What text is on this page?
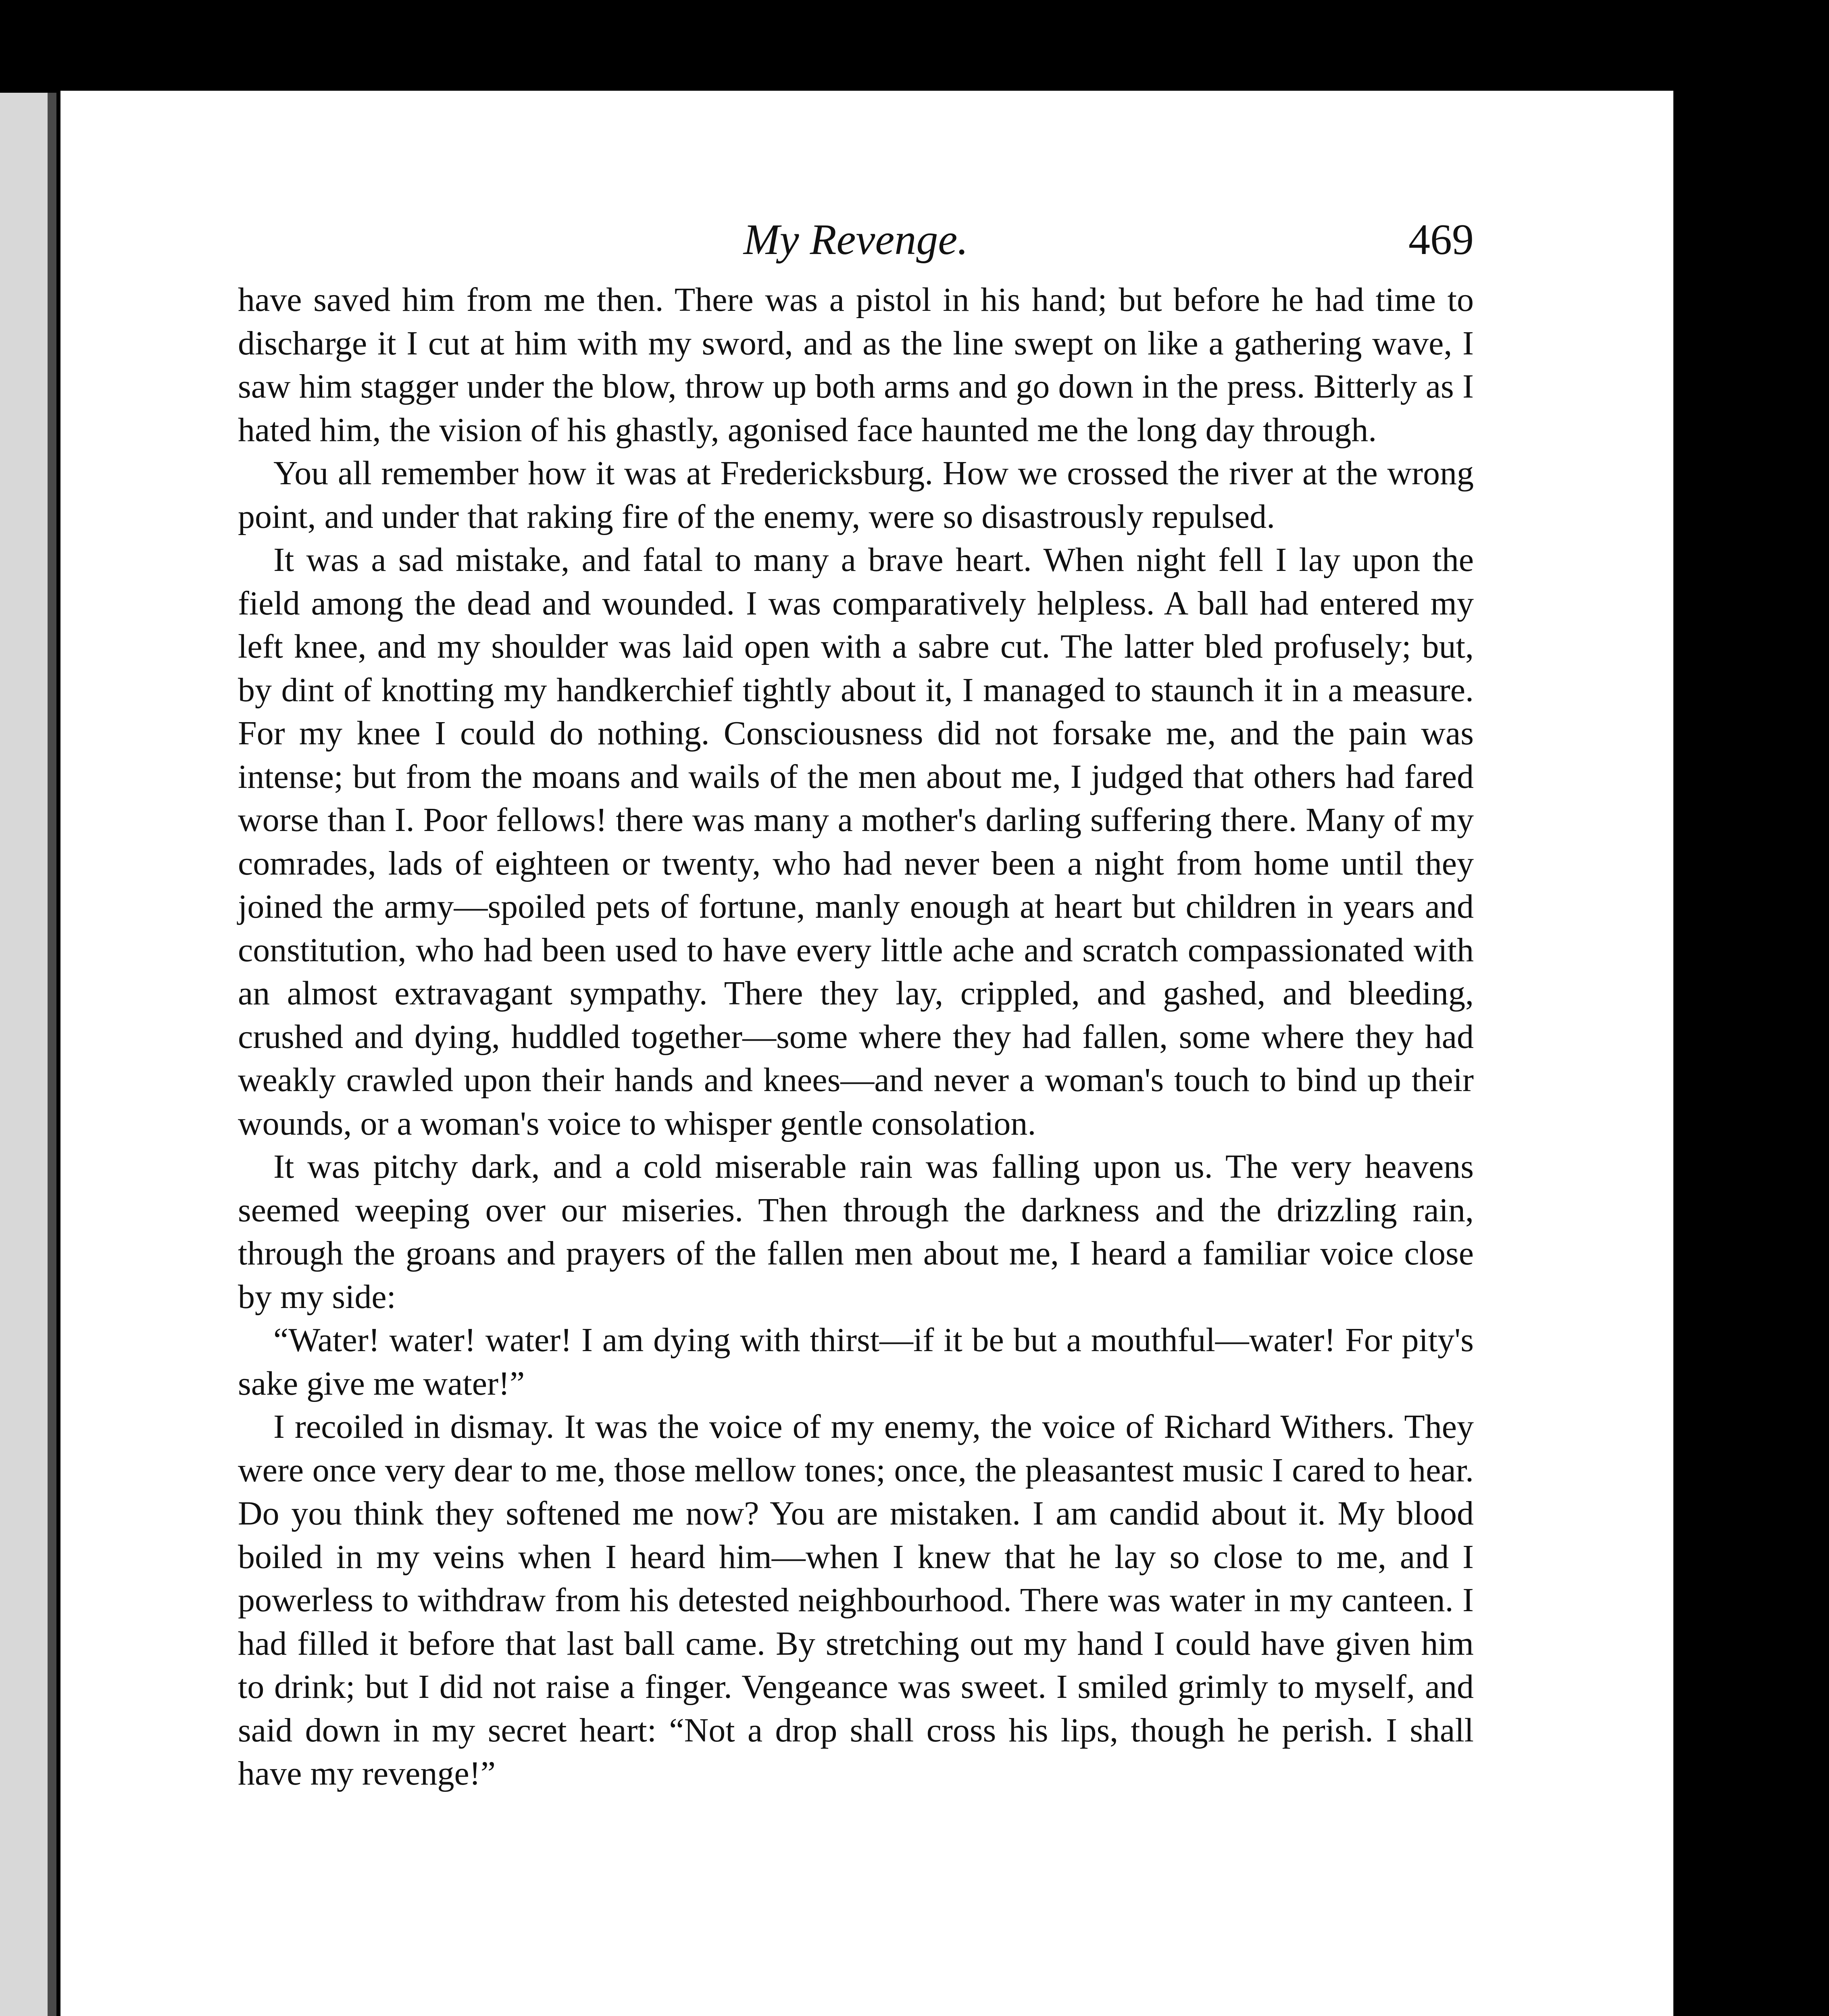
My Revenge.	469

have saved him from me then. There was a pistol in his hand; but before he had time to discharge it I cut at him with my sword, and as the line swept on like a gathering wave, I saw him stagger under the blow, throw up both arms and go down in the press. Bitterly as I hated him, the vision of his ghastly, agonised face haunted me the long day through.

You all remember how it was at Fredericksburg. How we crossed the river at the wrong point, and under that raking fire of the enemy, were so disastrously repulsed.

It was a sad mistake, and fatal to many a brave heart. When night fell I lay upon the field among the dead and wounded. I was comparatively helpless. A ball had entered my left knee, and my shoulder was laid open with a sabre cut. The latter bled profusely; but, by dint of knotting my handkerchief tightly about it, I managed to staunch it in a measure. For my knee I could do nothing. Consciousness did not forsake me, and the pain was intense; but from the moans and wails of the men about me, I judged that others had fared worse than I. Poor fellows! there was many a mother's darling suffering there. Many of my comrades, lads of eighteen or twenty, who had never been a night from home until they joined the army—spoiled pets of fortune, manly enough at heart but children in years and constitution, who had been used to have every little ache and scratch compassionated with an almost extravagant sympathy. There they lay, crippled, and gashed, and bleeding, crushed and dying, huddled together—some where they had fallen, some where they had weakly crawled upon their hands and knees—and never a woman's touch to bind up their wounds, or a woman's voice to whisper gentle consolation.

It was pitchy dark, and a cold miserable rain was falling upon us. The very heavens seemed weeping over our miseries. Then through the darkness and the drizzling rain, through the groans and prayers of the fallen men about me, I heard a familiar voice close by my side:

“Water! water! water! I am dying with thirst—if it be but a mouthful—water! For pity's sake give me water!”

I recoiled in dismay. It was the voice of my enemy, the voice of Richard Withers. They were once very dear to me, those mellow tones; once, the pleasantest music I cared to hear. Do you think they softened me now? You are mistaken. I am candid about it. My blood boiled in my veins when I heard him—when I knew that he lay so close to me, and I powerless to withdraw from his detested neighbourhood. There was water in my canteen. I had filled it before that last ball came. By stretching out my hand I could have given him to drink; but I did not raise a finger. Vengeance was sweet. I smiled grimly to myself, and said down in my secret heart: “Not a drop shall cross his lips, though he perish. I shall have my revenge!”
